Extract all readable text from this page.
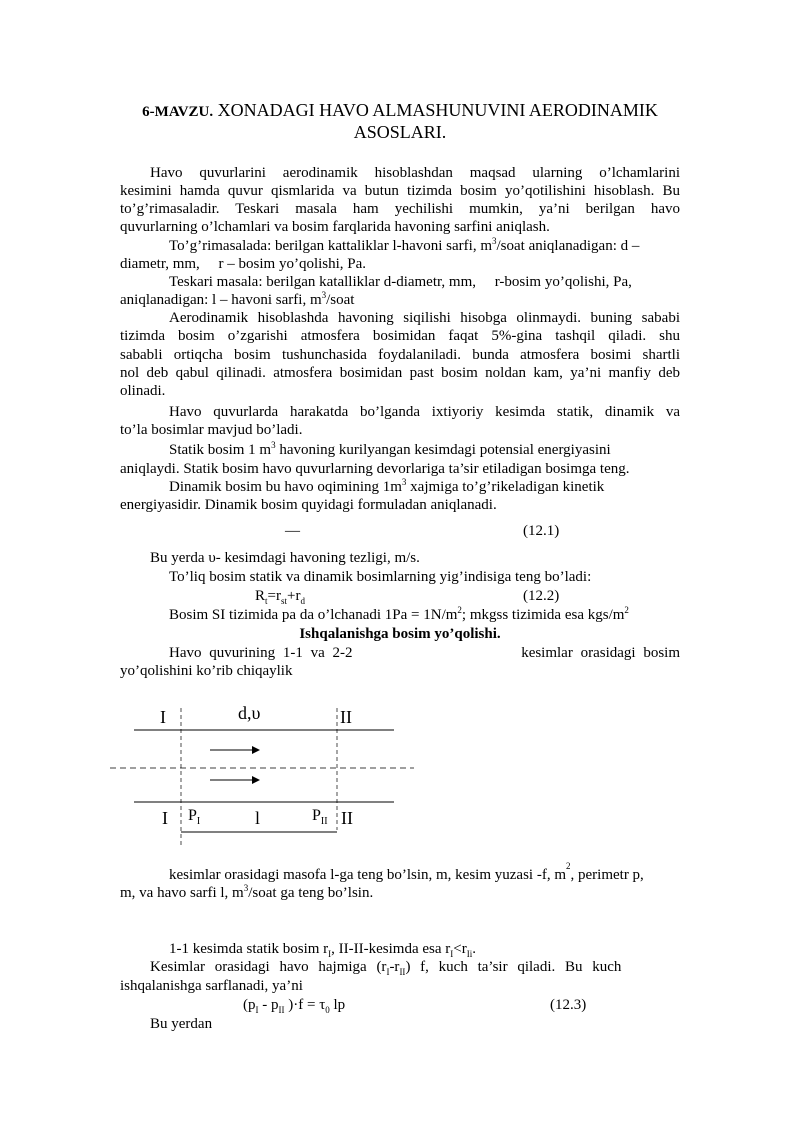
6-MAVZU. XONADAGI HAVO ALMASHUNUVINI AERODINAMIK
ASOSLARI.
Havo quvurlarini aerodinamik hisoblashdan maqsad ularning o’lchamlarini
kesimini hamda quvur qismlarida va butun tizimda bosim yo’qotilishini hisoblash. Bu
to’g’rimasaladir. Teskari masala ham yechilishi mumkin, ya’ni berilgan havo
quvurlarning o’lchamlari va bosim farqlarida havoning sarfini aniqlash.
To’g’rimasalada: berilgan kattaliklar l-havoni sarfi, $m^3$/soat aniqlanadigan: d –
diametr, mm,     r – bosim yo’qolishi, Pa.
Teskari masala: berilgan katalliklar d-diametr, mm,     r-bosim yo’qolishi, Pa,
aniqlanadigan: l – havoni sarfi, $m^3$/soat
Aerodinamik hisoblashda havoning siqilishi hisobga olinmaydi. buning sababi
tizimda bosim o’zgarishi atmosfera bosimidan faqat 5%-gina tashqil qiladi. shu
sababli ortiqcha bosim tushunchasida foydalaniladi. bunda atmosfera bosimi shartli
nol deb qabul qilinadi. atmosfera bosimidan past bosim noldan kam, ya’ni manfiy deb
olinadi.
Havo quvurlarda harakatda bo’lganda ixtiyoriy kesimda statik, dinamik va
to’la bosimlar mavjud bo’ladi.
Statik bosim 1 $m^3$ havoning kurilyangan kesimdagi potensial energiyasini
aniqlaydi. Statik bosim havo quvurlarning devorlariga ta’sir etiladigan bosimga teng.
Dinamik bosim bu havo oqimining $1m^3$ xajmiga to’g’rikeladigan kinetik
energiyasidir. Dinamik bosim quyidagi formuladan aniqlanadi.
—	(12.1)
Bu yerda υ- kesimdagi havoning tezligi, m/s.
To’liq bosim statik va dinamik bosimlarning yig’indisiga teng bo’ladi:
$R_t=r_{st}+r_d$	(12.2)
Bosim SI tizimida pa da o’lchanadi $1Pa = 1N/m^2$; mkgss tizimida esa kgs/$m^2$
Ishqalanishga bosim yo’qolishi.
Havo quvurining 1-1 va 2-2	kesimlar orasidagi bosim
yo’qolishini ko’rib chiqaylik
I	d,υ	II
I $P_I$	l	$P_{II}$ II
kesimlar orasidagi masofa l-ga teng bo’lsin, m, kesim yuzasi -f, m
2
, perimetr p,
m, va havo sarfi l, $m^3$/soat ga teng bo’lsin.
1-1 kesimda statik bosim $r_I$, II-II-kesimda esa $r_I<r_{Ii}$.
Kesimlar orasidagi havo hajmiga $(r_I-r_{II})$ f, kuch ta’sir qiladi. Bu kuch
ishqalanishga sarflanadi, ya’ni
($p_I - p_{II}$ )$\cdot f = \tau_0$ lp	(12.3)
Bu yerdan
